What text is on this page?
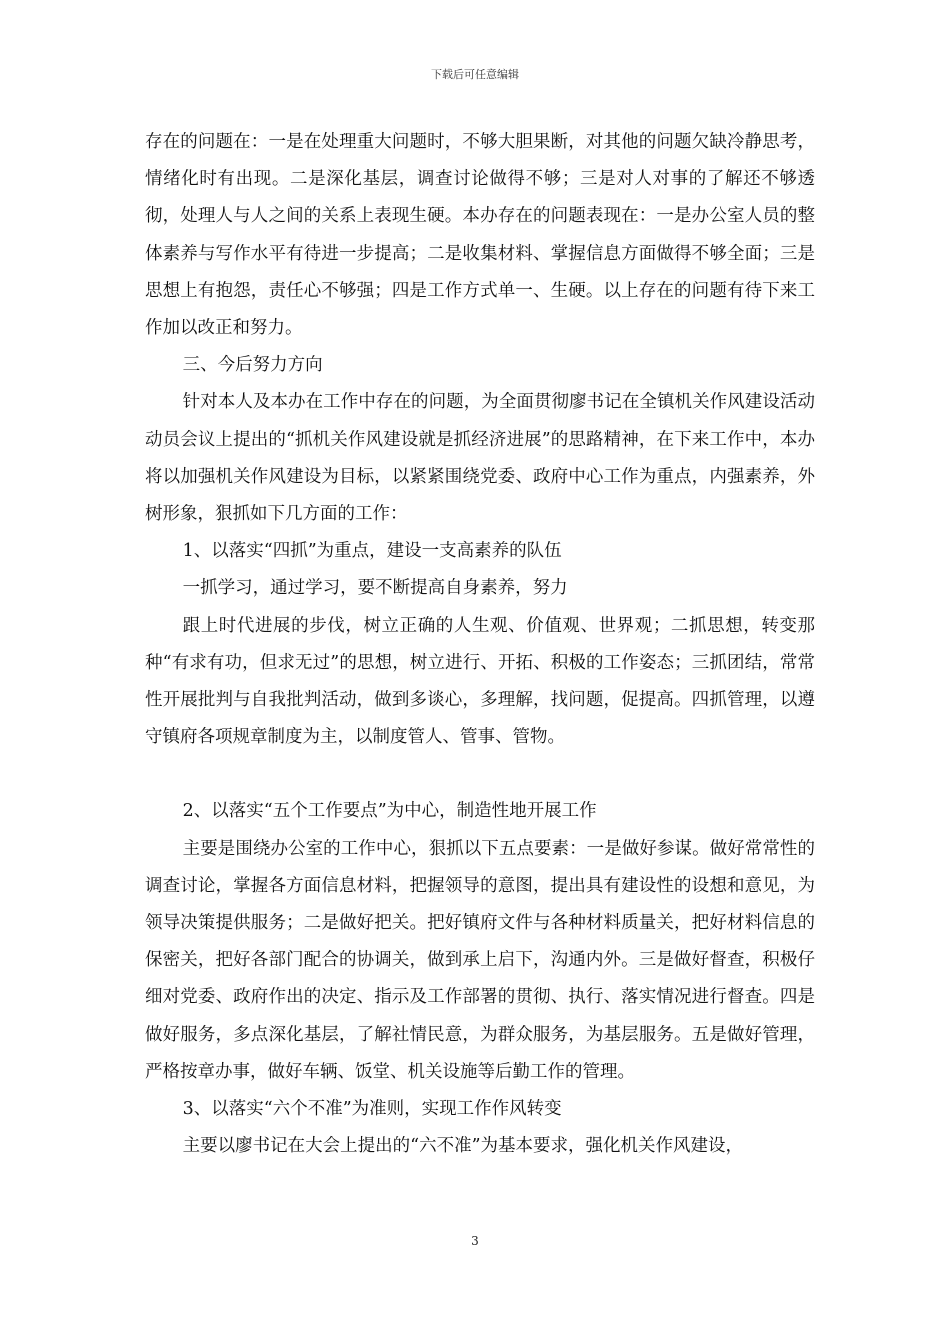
下载后可任意编辑

存在的问题在：一是在处理重大问题时，不够大胆果断，对其他的问题欠缺冷静思考，情绪化时有出现。二是深化基层，调查讨论做得不够；三是对人对事的了解还不够透彻，处理人与人之间的关系上表现生硬。本办存在的问题表现在：一是办公室人员的整体素养与写作水平有待进一步提高；二是收集材料、掌握信息方面做得不够全面；三是思想上有抱怨，责任心不够强；四是工作方式单一、生硬。以上存在的问题有待下来工作加以改正和努力。

三、今后努力方向

针对本人及本办在工作中存在的问题，为全面贯彻廖书记在全镇机关作风建设活动动员会议上提出的“抓机关作风建设就是抓经济进展”的思路精神，在下来工作中，本办将以加强机关作风建设为目标，以紧紧围绕党委、政府中心工作为重点，内强素养，外树形象，狠抓如下几方面的工作：

1、以落实“四抓”为重点，建设一支高素养的队伍

一抓学习，通过学习，要不断提高自身素养，努力

跟上时代进展的步伐，树立正确的人生观、价值观、世界观；二抓思想，转变那种“有求有功，但求无过”的思想，树立进行、开拓、积极的工作姿态；三抓团结，常常性开展批判与自我批判活动，做到多谈心，多理解，找问题，促提高。四抓管理，以遵守镇府各项规章制度为主，以制度管人、管事、管物。

2、以落实“五个工作要点”为中心，制造性地开展工作

主要是围绕办公室的工作中心，狠抓以下五点要素：一是做好参谋。做好常常性的调查讨论，掌握各方面信息材料，把握领导的意图，提出具有建设性的设想和意见，为领导决策提供服务；二是做好把关。把好镇府文件与各种材料质量关，把好材料信息的保密关，把好各部门配合的协调关，做到承上启下，沟通内外。三是做好督查，积极仔细对党委、政府作出的决定、指示及工作部署的贯彻、执行、落实情况进行督查。四是做好服务，多点深化基层，了解社情民意，为群众服务，为基层服务。五是做好管理，严格按章办事，做好车辆、饭堂、机关设施等后勤工作的管理。

3、以落实“六个不准”为准则，实现工作作风转变

主要以廖书记在大会上提出的“六不准”为基本要求，强化机关作风建设，

3
